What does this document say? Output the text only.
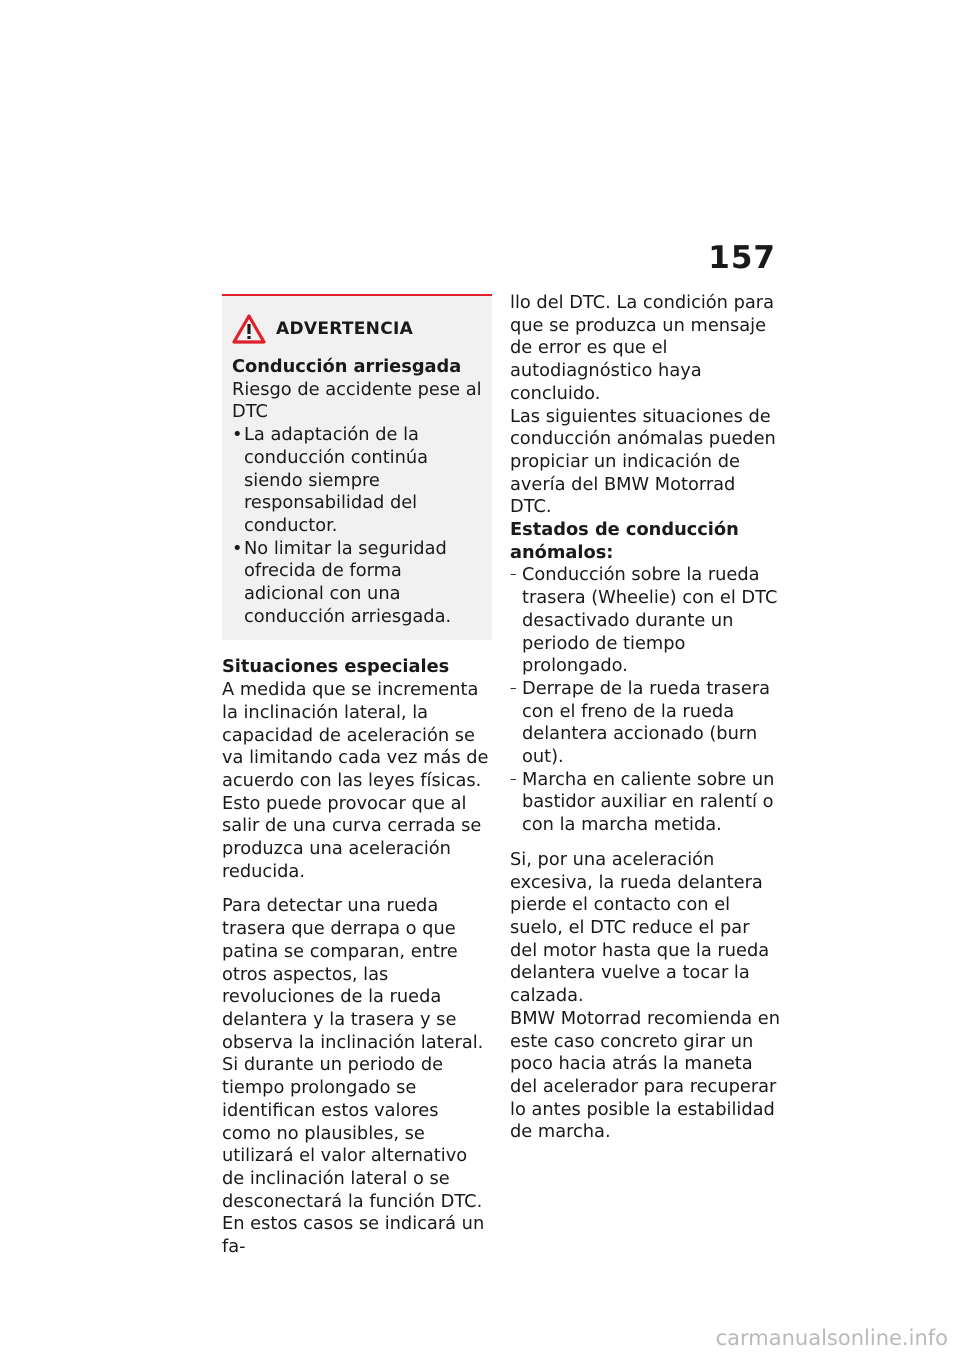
157
ADVERTENCIA

Conducción arriesgada

Riesgo de accidente pese al DTC

• La adaptación de la conducción continúa siendo siempre responsabilidad del conductor.
• No limitar la seguridad ofrecida de forma adicional con una conducción arriesgada.

Situaciones especiales

A medida que se incrementa la inclinación lateral, la capacidad de aceleración se va limitando cada vez más de acuerdo con las leyes físicas. Esto puede provocar que al salir de una curva cerrada se produzca una aceleración reducida.

Para detectar una rueda trasera que derrapa o que patina se comparan, entre otros aspectos, las revoluciones de la rueda delantera y la trasera y se observa la inclinación lateral. Si durante un periodo de tiempo prolongado se identifican estos valores como no plausibles, se utilizará el valor alternativo de inclinación lateral o se desconectará la función DTC. En estos casos se indicará un fa-

llo del DTC. La condición para que se produzca un mensaje de error es que el autodiagnóstico haya concluido.

Las siguientes situaciones de conducción anómalas pueden propiciar un indicación de avería del BMW Motorrad DTC.

Estados de conducción anómalos:

– Conducción sobre la rueda trasera (Wheelie) con el DTC desactivado durante un periodo de tiempo prolongado.
– Derrape de la rueda trasera con el freno de la rueda delantera accionado (burn out).
– Marcha en caliente sobre un bastidor auxiliar en ralentí o con la marcha metida.

Si, por una aceleración excesiva, la rueda delantera pierde el contacto con el suelo, el DTC reduce el par del motor hasta que la rueda delantera vuelve a tocar la calzada.

BMW Motorrad recomienda en este caso concreto girar un poco hacia atrás la maneta del acelerador para recuperar lo antes posible la estabilidad de marcha.

carmanualsonline.info
